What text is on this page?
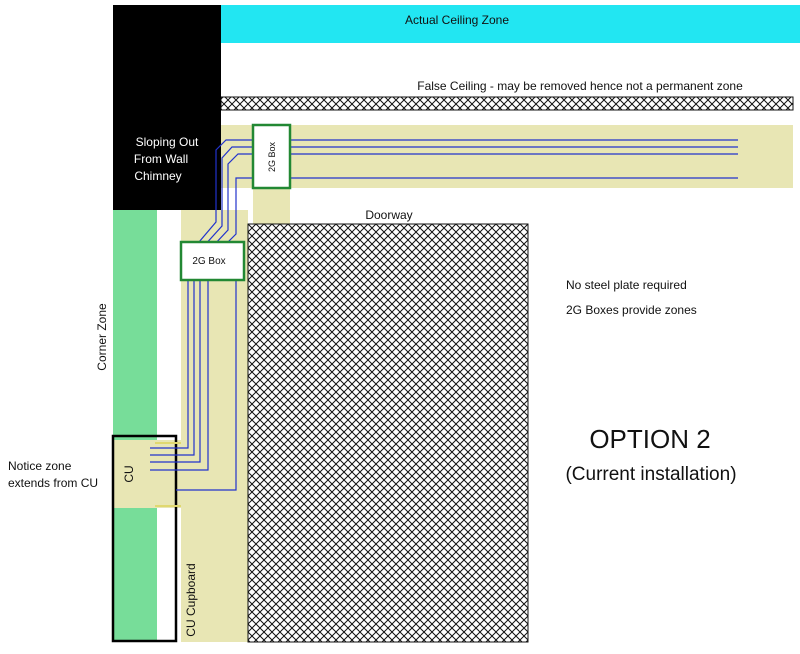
Actual Ceiling Zone
False Ceiling - may be removed hence not a permanent zone
Sloping Out
From Wall
Chimney
2G Box
2G Box
Doorway
No steel plate required
2G Boxes provide zones
Corner Zone
OPTION 2
(Current installation)
Notice zone
extends from CU
CU
CU Cupboard
